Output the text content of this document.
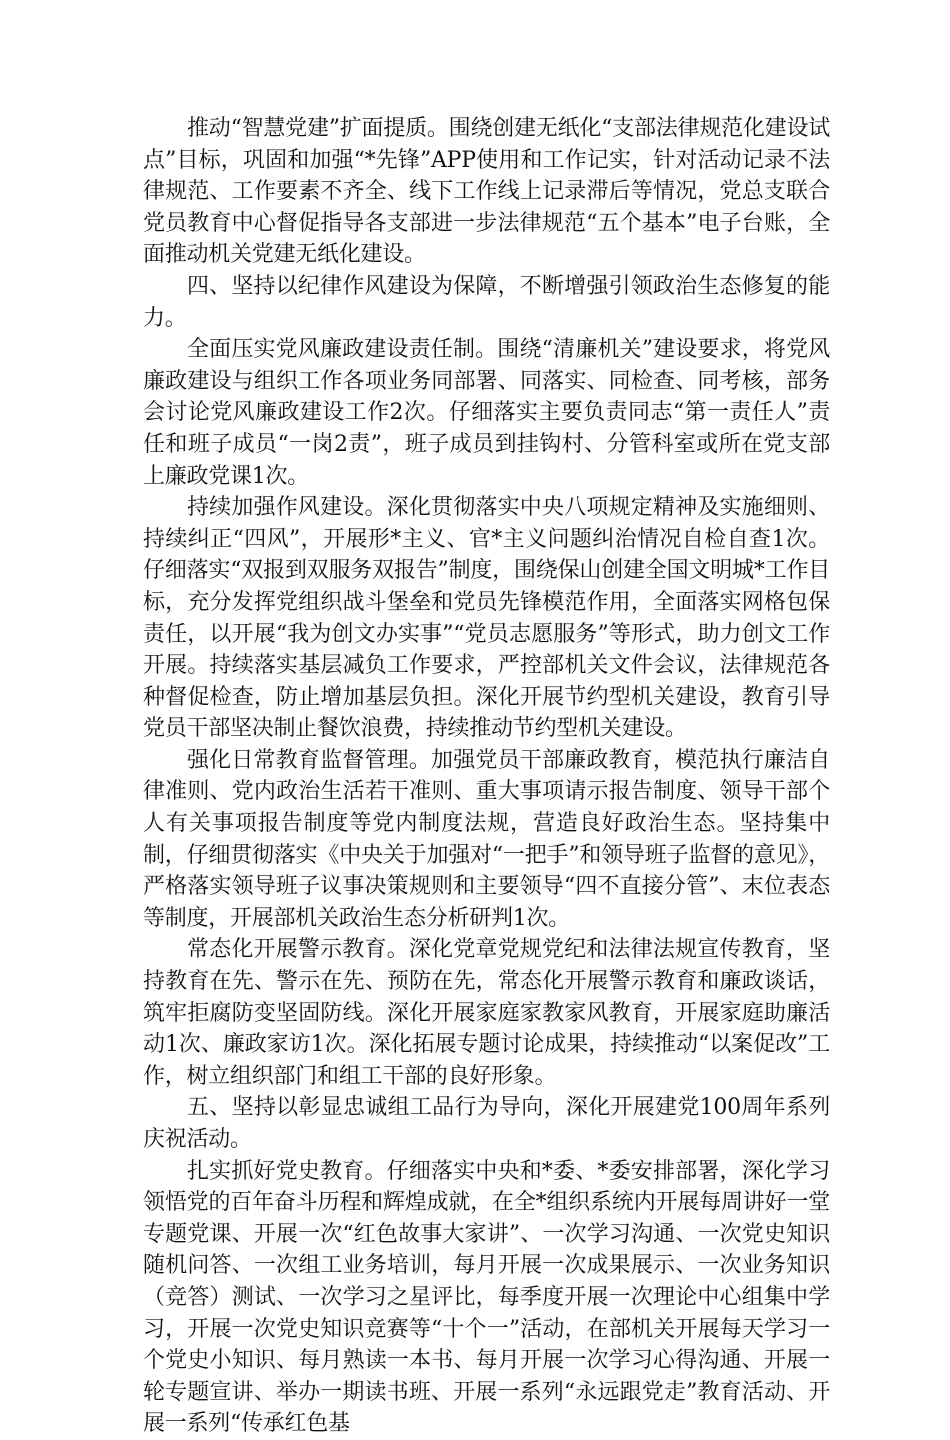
推动“智慧党建”扩面提质。围绕创建无纸化“支部法律规范化建设试点”目标，巩固和加强“*先锋”APP使用和工作记实，针对活动记录不法律规范、工作要素不齐全、线下工作线上记录滞后等情况，党总支联合党员教育中心督促指导各支部进一步法律规范“五个基本”电子台账，全面推动机关党建无纸化建设。

四、坚持以纪律作风建设为保障，不断增强引领政治生态修复的能力。

全面压实党风廉政建设责任制。围绕“清廉机关”建设要求，将党风廉政建设与组织工作各项业务同部署、同落实、同检查、同考核，部务会讨论党风廉政建设工作2次。仔细落实主要负责同志“第一责任人”责任和班子成员“一岗2责”，班子成员到挂钩村、分管科室或所在党支部上廉政党课1次。

持续加强作风建设。深化贯彻落实中央八项规定精神及实施细则、持续纠正“四风”，开展形*主义、官*主义问题纠治情况自检自查1次。仔细落实“双报到双服务双报告”制度，围绕保山创建全国文明城*工作目标，充分发挥党组织战斗堡垒和党员先锋模范作用，全面落实网格包保责任，以开展“我为创文办实事”“党员志愿服务”等形式，助力创文工作开展。持续落实基层减负工作要求，严控部机关文件会议，法律规范各种督促检查，防止增加基层负担。深化开展节约型机关建设，教育引导党员干部坚决制止餐饮浪费，持续推动节约型机关建设。

强化日常教育监督管理。加强党员干部廉政教育，模范执行廉洁自律准则、党内政治生活若干准则、重大事项请示报告制度、领导干部个人有关事项报告制度等党内制度法规，营造良好政治生态。坚持集中制，仔细贯彻落实《中央关于加强对“一把手”和领导班子监督的意见》，严格落实领导班子议事决策规则和主要领导“四不直接分管”、末位表态等制度，开展部机关政治生态分析研判1次。

常态化开展警示教育。深化党章党规党纪和法律法规宣传教育，坚持教育在先、警示在先、预防在先，常态化开展警示教育和廉政谈话，筑牢拒腐防变坚固防线。深化开展家庭家教家风教育，开展家庭助廉活动1次、廉政家访1次。深化拓展专题讨论成果，持续推动“以案促改”工作，树立组织部门和组工干部的良好形象。

五、坚持以彰显忠诚组工品行为导向，深化开展建党100周年系列庆祝活动。

扎实抓好党史教育。仔细落实中央和*委、*委安排部署，深化学习领悟党的百年奋斗历程和辉煌成就，在全*组织系统内开展每周讲好一堂专题党课、开展一次“红色故事大家讲”、一次学习沟通、一次党史知识随机问答、一次组工业务培训，每月开展一次成果展示、一次业务知识（竞答）测试、一次学习之星评比，每季度开展一次理论中心组集中学习，开展一次党史知识竞赛等“十个一”活动，在部机关开展每天学习一个党史小知识、每月熟读一本书、每月开展一次学习心得沟通、开展一轮专题宣讲、举办一期读书班、开展一系列“永远跟党走”教育活动、开展一系列“传承红色基
